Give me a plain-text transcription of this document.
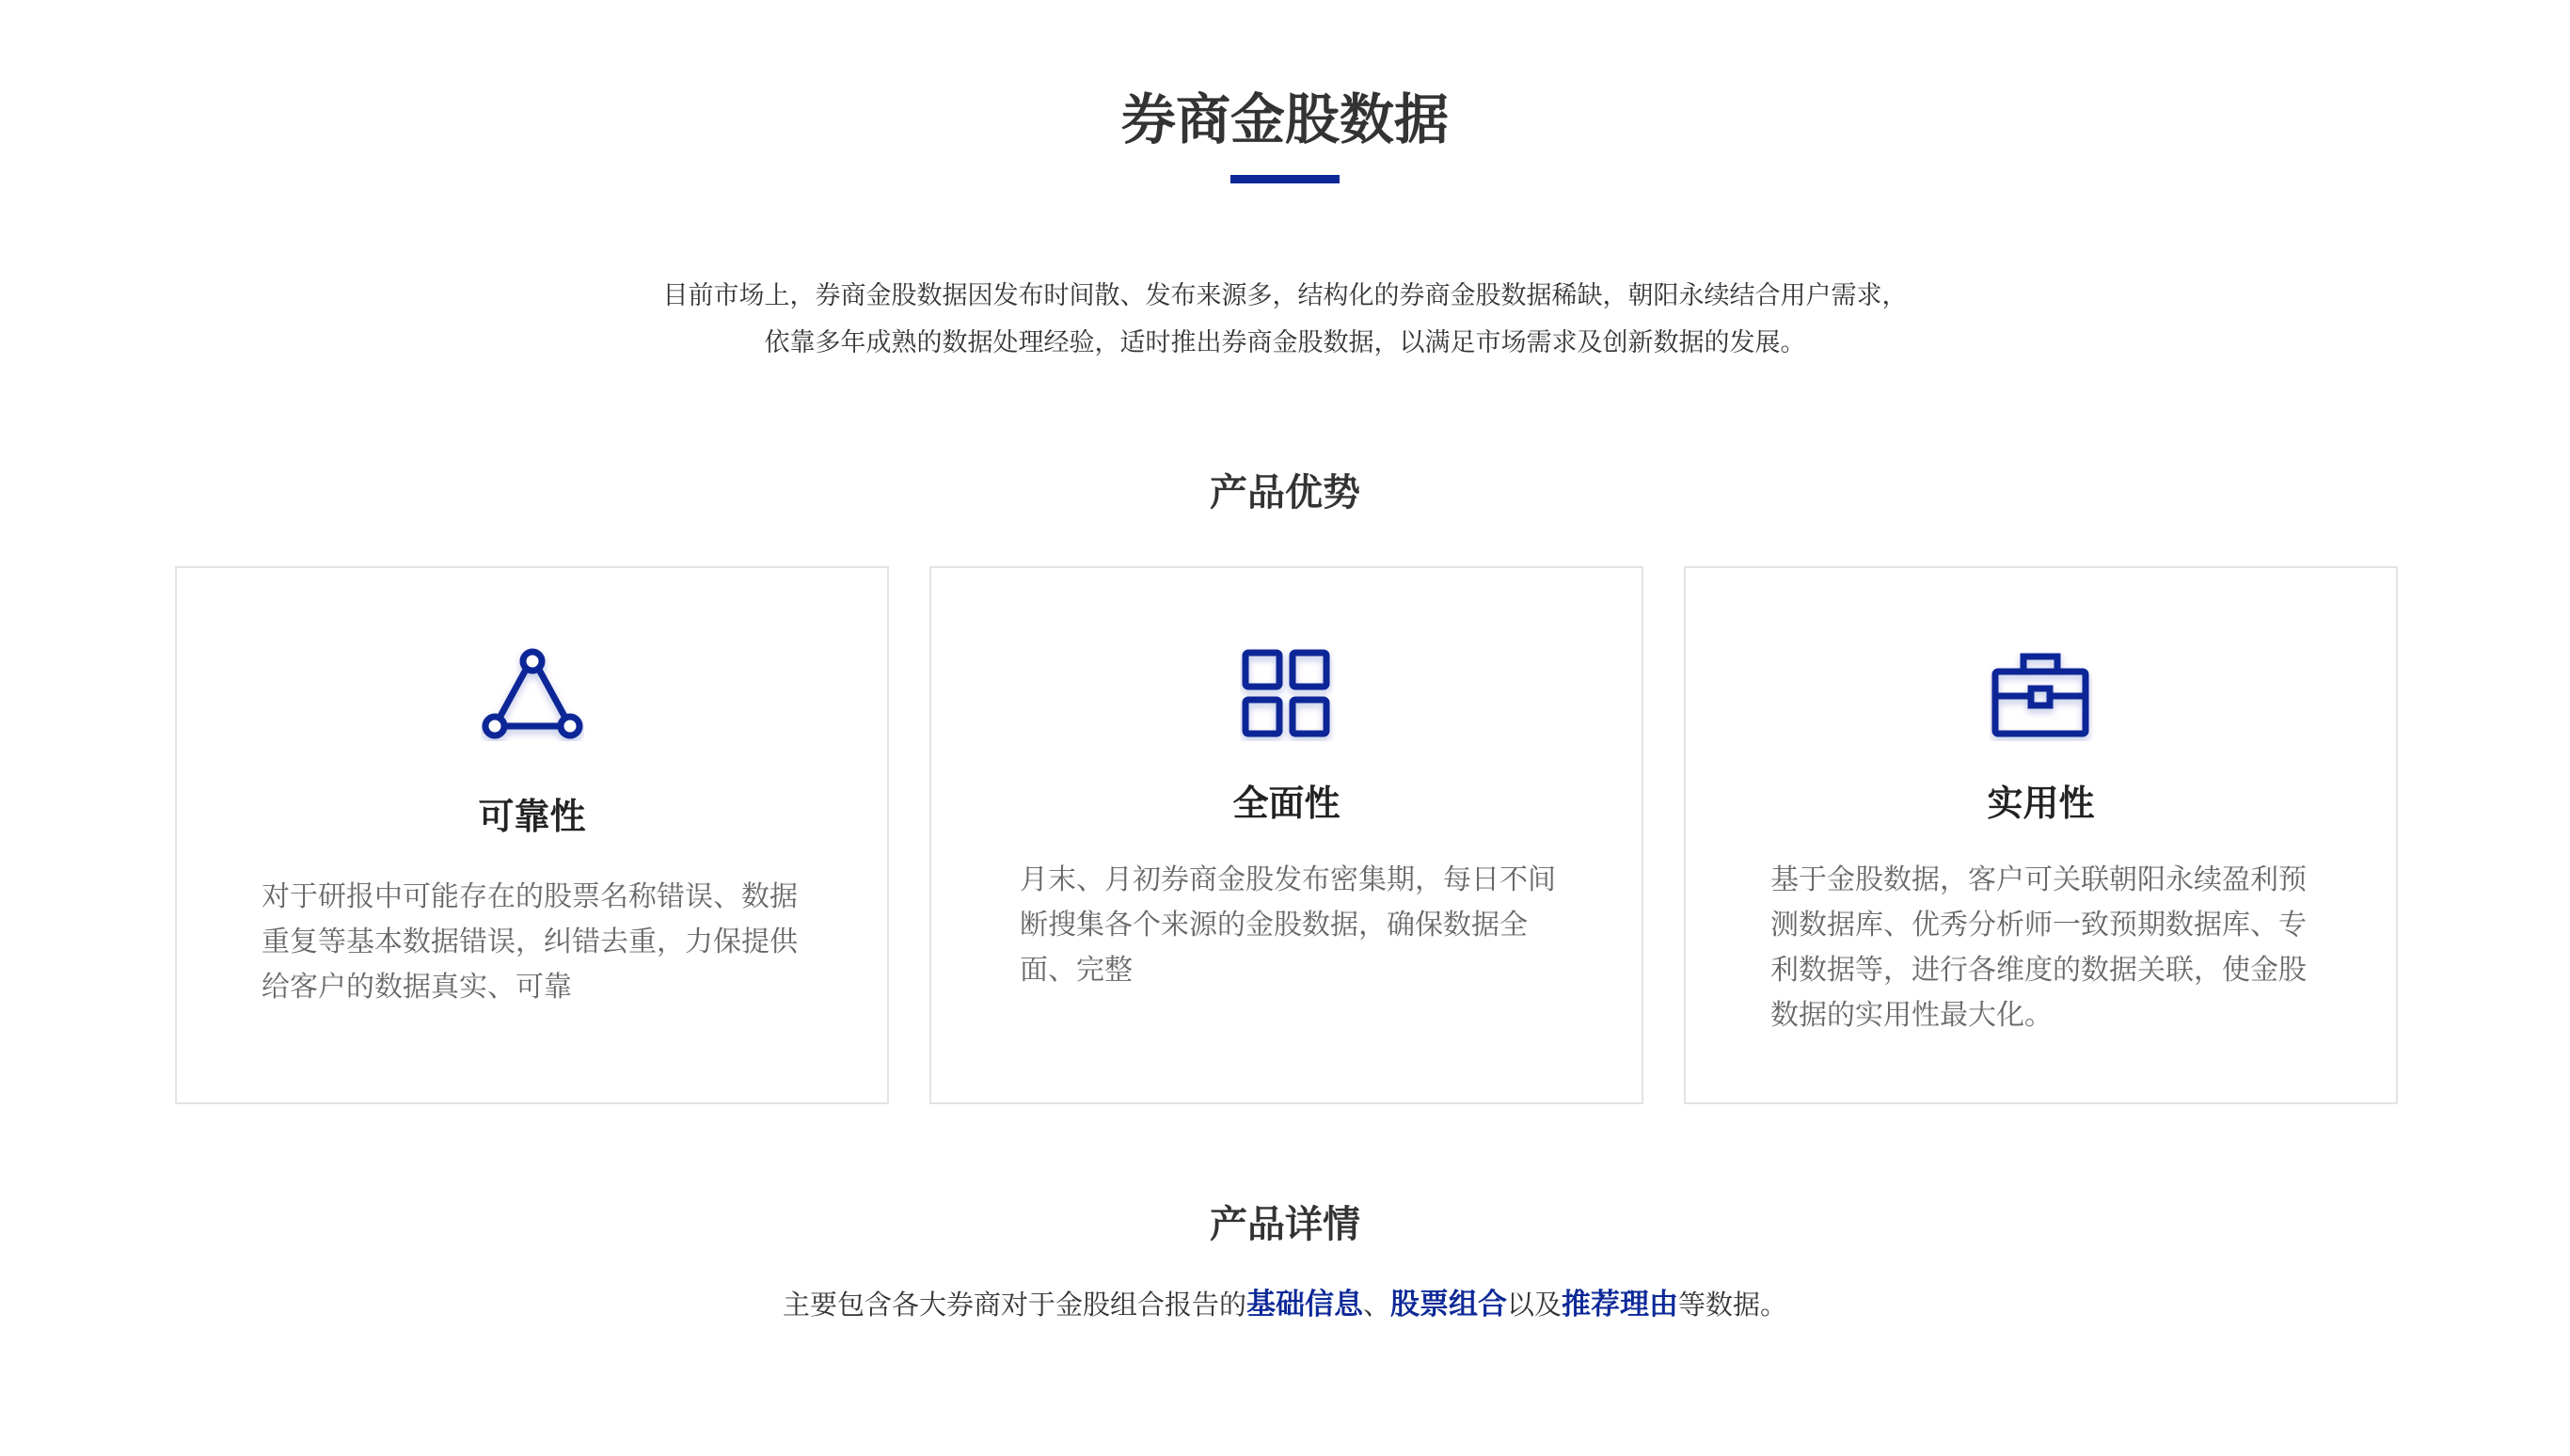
券商金股数据

目前市场上，券商金股数据因发布时间散、发布来源多，结构化的券商金股数据稀缺，朝阳永续结合用户需求，

依靠多年成熟的数据处理经验，适时推出券商金股数据，以满足市场需求及创新数据的发展。

产品优势
可靠性

对于研报中可能存在的股票名称错误、数据重复等基本数据错误，纠错去重，力保提供给客户的数据真实、可靠

全面性

月末、月初券商金股发布密集期，每日不间断搜集各个来源的金股数据，确保数据全面、完整

实用性

基于金股数据，客户可关联朝阳永续盈利预测数据库、优秀分析师一致预期数据库、专利数据等，进行各维度的数据关联，使金股数据的实用性最大化。

产品详情

主要包含各大券商对于金股组合报告的基础信息、股票组合以及推荐理由等数据。
